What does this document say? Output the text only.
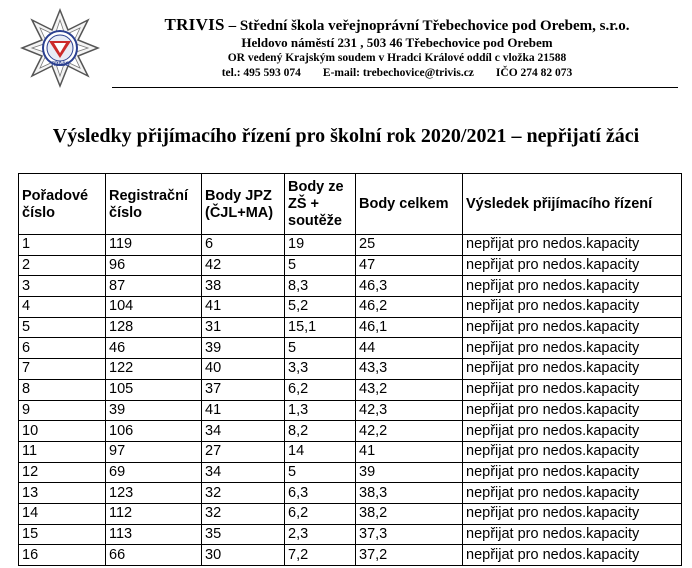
TRIVIS
TRIVIS – Střední škola veřejnoprávní Třebechovice pod Orebem, s.r.o.
Heldovo náměstí 231 , 503 46 Třebechovice pod Orebem
OR vedený Krajským soudem v Hradci Králové oddíl c vložka 21588
tel.: 495 593 074 E-mail: trebechovice@trivis.cz IČO 274 82 073
Výsledky přijímacího řízení pro školní rok 2020/2021 – nepřijatí žáci
Pořadové číslo	Registrační číslo	Body JPZ (ČJL+MA)	Body ze ZŠ + soutěže	Body celkem	Výsledek přijímacího řízení
1	119	6	19	25	nepřijat pro nedos.kapacity
2	96	42	5	47	nepřijat pro nedos.kapacity
3	87	38	8,3	46,3	nepřijat pro nedos.kapacity
4	104	41	5,2	46,2	nepřijat pro nedos.kapacity
5	128	31	15,1	46,1	nepřijat pro nedos.kapacity
6	46	39	5	44	nepřijat pro nedos.kapacity
7	122	40	3,3	43,3	nepřijat pro nedos.kapacity
8	105	37	6,2	43,2	nepřijat pro nedos.kapacity
9	39	41	1,3	42,3	nepřijat pro nedos.kapacity
10	106	34	8,2	42,2	nepřijat pro nedos.kapacity
11	97	27	14	41	nepřijat pro nedos.kapacity
12	69	34	5	39	nepřijat pro nedos.kapacity
13	123	32	6,3	38,3	nepřijat pro nedos.kapacity
14	112	32	6,2	38,2	nepřijat pro nedos.kapacity
15	113	35	2,3	37,3	nepřijat pro nedos.kapacity
16	66	30	7,2	37,2	nepřijat pro nedos.kapacity
